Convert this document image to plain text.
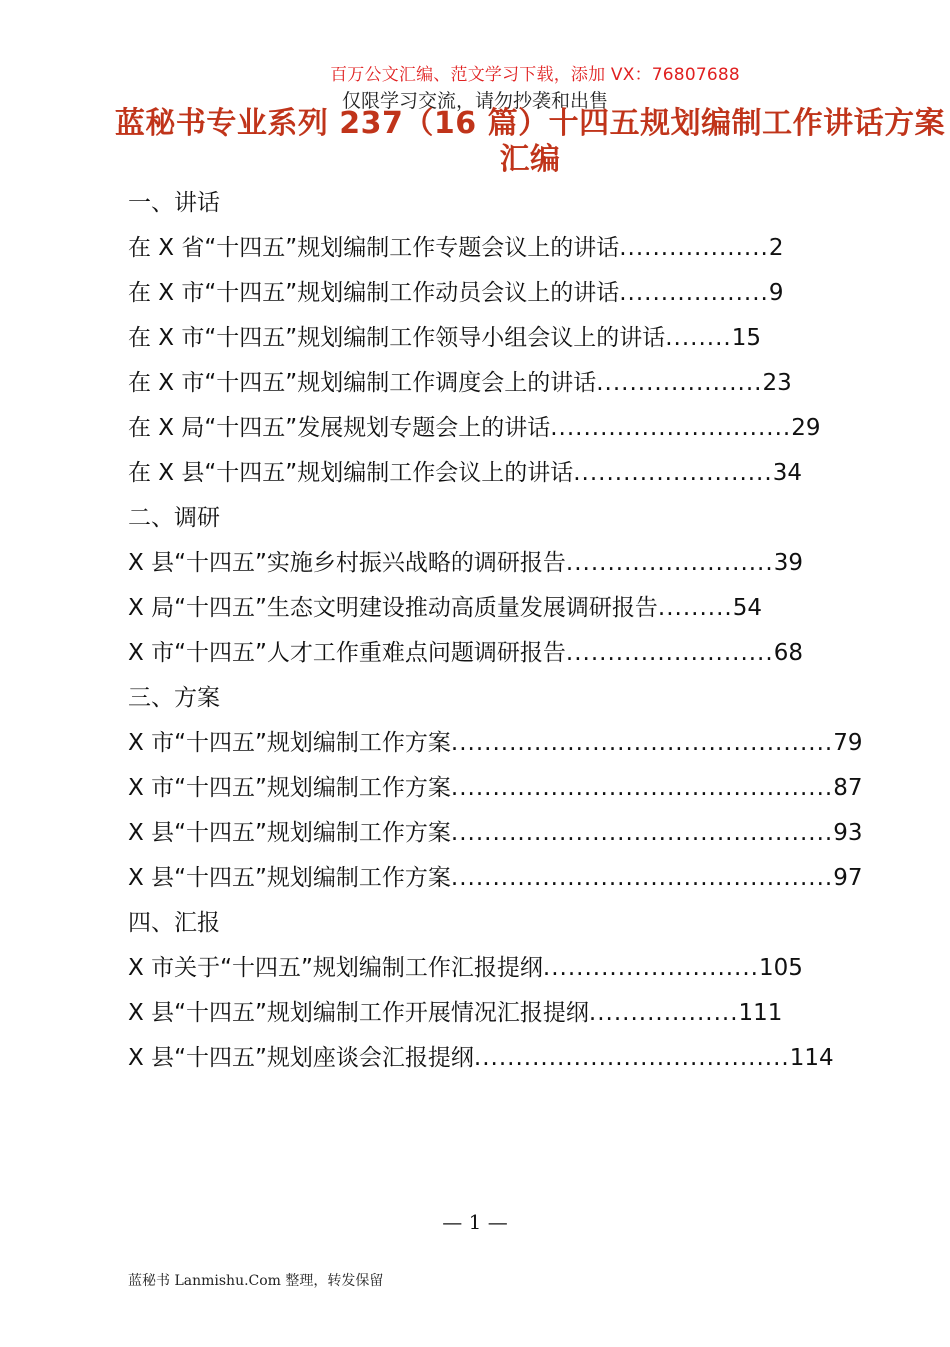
百万公文汇编、范文学习下载，添加 VX：76807688
仅限学习交流，请勿抄袭和出售
蓝秘书专业系列 237（16 篇）十四五规划编制工作讲话方案汇编
一、讲话
在 X 省“十四五”规划编制工作专题会议上的讲话 .................. 2
在 X 市“十四五”规划编制工作动员会议上的讲话 .................. 9
在 X 市“十四五”规划编制工作领导小组会议上的讲话 ........ 15
在 X 市“十四五”规划编制工作调度会上的讲话 .................... 23
在 X 局“十四五”发展规划专题会上的讲话 ............................. 29
在 X 县“十四五”规划编制工作会议上的讲话 ........................ 34
二、调研
X 县“十四五”实施乡村振兴战略的调研报告 ......................... 39
X 局“十四五”生态文明建设推动高质量发展调研报告 ......... 54
X 市“十四五”人才工作重难点问题调研报告 ......................... 68
三、方案
X 市“十四五”规划编制工作方案 .............................................. 79
X 市“十四五”规划编制工作方案 .............................................. 87
X 县“十四五”规划编制工作方案 .............................................. 93
X 县“十四五”规划编制工作方案 .............................................. 97
四、汇报
X 市关于“十四五”规划编制工作汇报提纲 .......................... 105
X 县“十四五”规划编制工作开展情况汇报提纲 .................. 111
X 县“十四五”规划座谈会汇报提纲 ...................................... 114
— 1 —
蓝秘书 Lanmishu.Com 整理，转发保留
